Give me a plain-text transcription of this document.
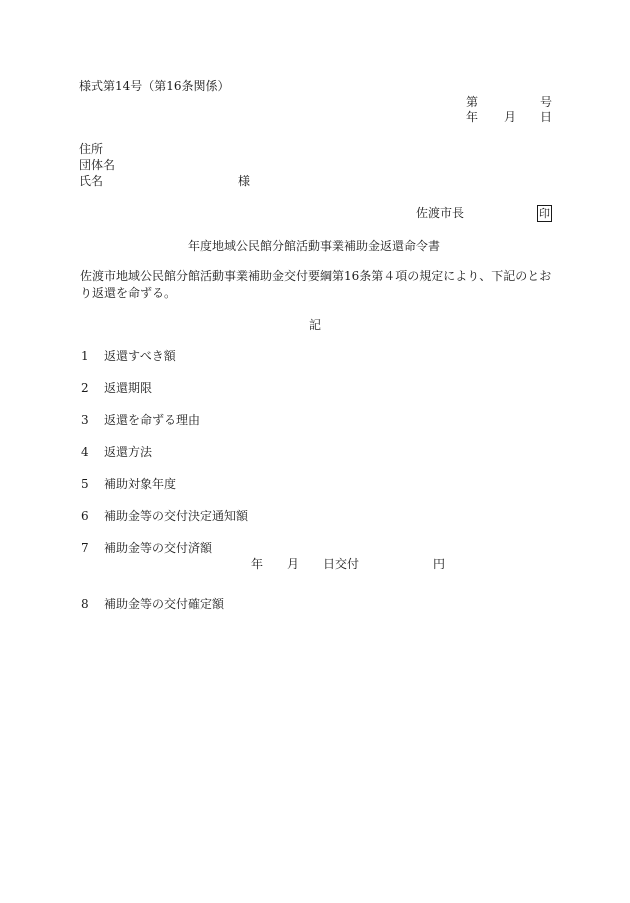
様式第14号（第16条関係）
第	号
年 月 日
住所
団体名
氏名	様
佐渡市長	印
年度地域公民館分館活動事業補助金返還命令書
佐渡市地域公民館分館活動事業補助金交付要綱第16条第４項の規定により、下記のとおり返還を命ずる。
記
1 返還すべき額
2 返還期限
3 返還を命ずる理由
4 返還方法
5 補助対象年度
6 補助金等の交付決定通知額
7 補助金等の交付済額
年 月 日交付	円
8 補助金等の交付確定額
